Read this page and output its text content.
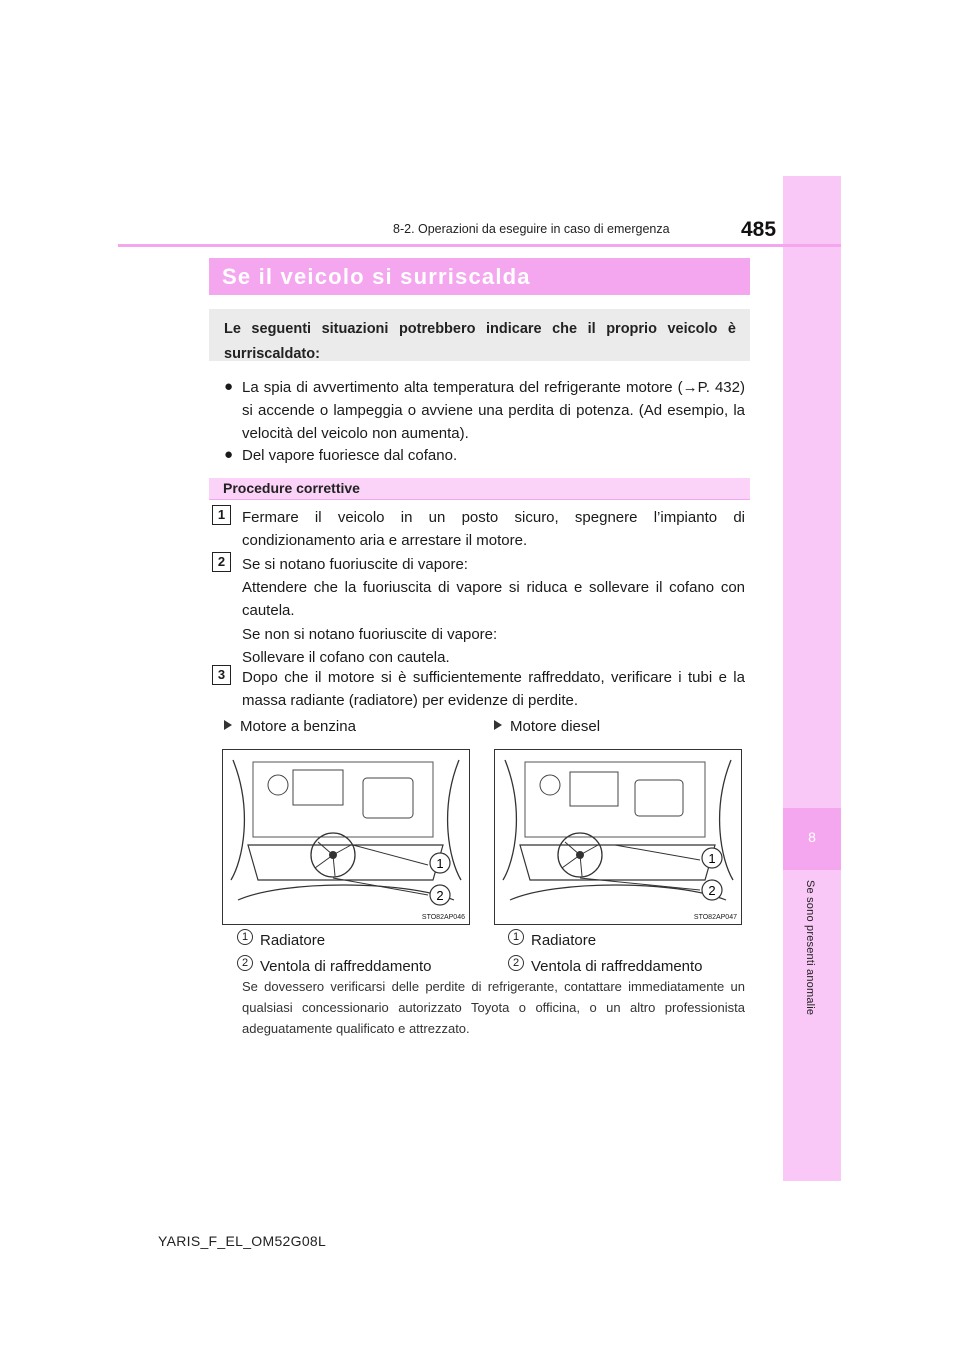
8
Se sono presenti anomalie
8-2. Operazioni da eseguire in caso di emergenza	485
Se il veicolo si surriscalda

Le seguenti situazioni potrebbero indicare che il proprio veicolo è surriscaldato:

● La spia di avvertimento alta temperatura del refrigerante motore (→P. 432) si accende o lampeggia o avviene una perdita di potenza. (Ad esempio, la velocità del veicolo non aumenta).

● Del vapore fuoriesce dal cofano.

Procedure correttive
1	Fermare il veicolo in un posto sicuro, spegnere l’impianto di condizionamento aria e arrestare il motore.

2	Se si notano fuoriuscite di vapore:

Attendere che la fuoriuscita di vapore si riduca e sollevare il cofano con cautela.

Se non si notano fuoriuscite di vapore:

Sollevare il cofano con cautela.

3	Dopo che il motore si è sufficientemente raffreddato, verificare i tubi e la massa radiante (radiatore) per evidenze di perdite.

Motore a benzina	Motore diesel
1
2
STO82AP046
1
2
STO82AP047
1 Radiatore
2 Ventola di raffreddamento
1 Radiatore
2 Ventola di raffreddamento

Se dovessero verificarsi delle perdite di refrigerante, contattare immediatamente un qualsiasi concessionario autorizzato Toyota o officina, o un altro professionista adeguatamente qualificato e attrezzato.

YARIS_F_EL_OM52G08L
